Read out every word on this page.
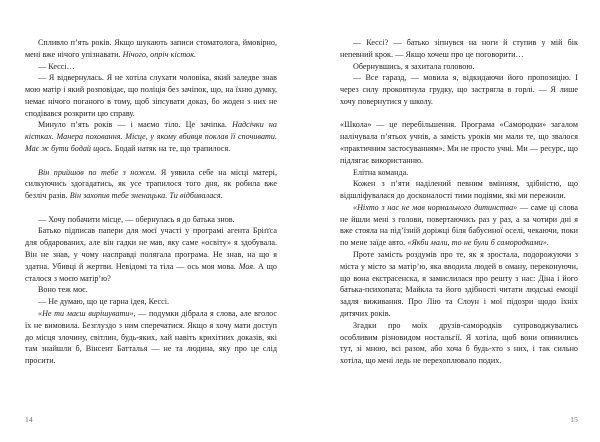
Спливло п’ять років. Якщо шукають записи стоматолога, ймовірно, мені вже нічого упізнавати. Нічого, опріч кісток.

— Кессі…

— Я відвернулась. Я не хотіла слухати чоловіка, який заледве знав мою матір і який розповідає, що поліція без зачіпок, що, на їхню думку, немає нічого поганого в тому, щоб зіпсувати доказ, бо жоден з них не сподівався розкрити цю справу.

Минуло п’ять років — і маємо тіло. Це зачіпка. Надсічки на кістках. Манера поховання. Місце, у якому вбивця поклав її спочивати. Має ж бути бодай щось. Бодай натяк на те, що трапилося.

Він прийшов по тебе з ножем. Я уявила себе на місці матері, силкуючись здогадатись, як усе трапилося того дня, як робила вже безліч разів. Він захопив тебе зненацька. Ти відбивалася.

— Хочу побачити місце, — обернулась я до батька знов.

Батько підписав папери для моєї участі у програмі агента Бріґґса для обдарованих, але він гадки не мав, яку саме «освіту» я здобувала. Він не знав, у чому насправді полягала програма. Не знав, на що я здатна. Убивці й жертви. Невідомі та тіла — ось моя мова. Моя. А що сталося з моєю матір’ю?

Воно теж моє.

— Не думаю, що це гарна ідея, Кессі.

«Не ти маєш вирішувати», — подумки дібрала я слова, але вголос їх не вимовила. Безглуздо з ним сперечатися. Якщо я хочу мати доступ до місця злочину, світлин, будь-яких, хай навіть крихітних доказів, які там знайшли б, Вінсент Батталья — не та людина, яку про це слід просити.

14

— Кессі? — батько зіпнувся на ноги й ступив у мій бік непевний крок. — Якщо хочеш про це поговорити…

Обернувшись, я захитала головою.

— Все гаразд, — мовила я, відкидаючи його пропозицію. І через силу проковтнула грудку, що застрягла в горлі. — Я лише хочу повернутися у школу.

«Школа» — це перебільшення. Програма «Самородки» загалом налічувала п’ятьох учнів, а замість уроків ми мали те, що звалося «практичним застосуванням». Ми не просто учні. Ми — ресурс, що підлягає використанню.

Елітна команда.

Кожен з п’яти наділений певним вмінням, здібністю, що відшліфувалася до досконалості тими подіями, які ми пережили.

«Ніхто з нас не мав нормального дитинства» — саме ці слова не йшли мені з голови, повертаючись раз у раз, а за чотири дні я вже стояла на під’їзній доріжці біля бабусиної оселі, чекаючи, поки по мене заїде авто. «Якби мали, то не були б самородками».

Проте замість роздумів про те, як я зростала, подорожуючи з міста у місто за матір’ю, яка вводила людей в оману, переконуючи, що вона екстрасенска, я замислилася про решту з нас: Діна і його батька-психопата; Майкла та його здібності читати людські емоції задля виживання. Про Лію та Слоун і мої підозри щодо їхніх дитячих років.

Згадки про моїх друзів-самородків супроводжувались особливим різновидом ностальгії. Я хотіла, щоб вони опинились тут, зі мною, всі разом, або хоча б будь-хто з них, і так сильно хотіла, що мені ледь не перехоплювало подих.

15
